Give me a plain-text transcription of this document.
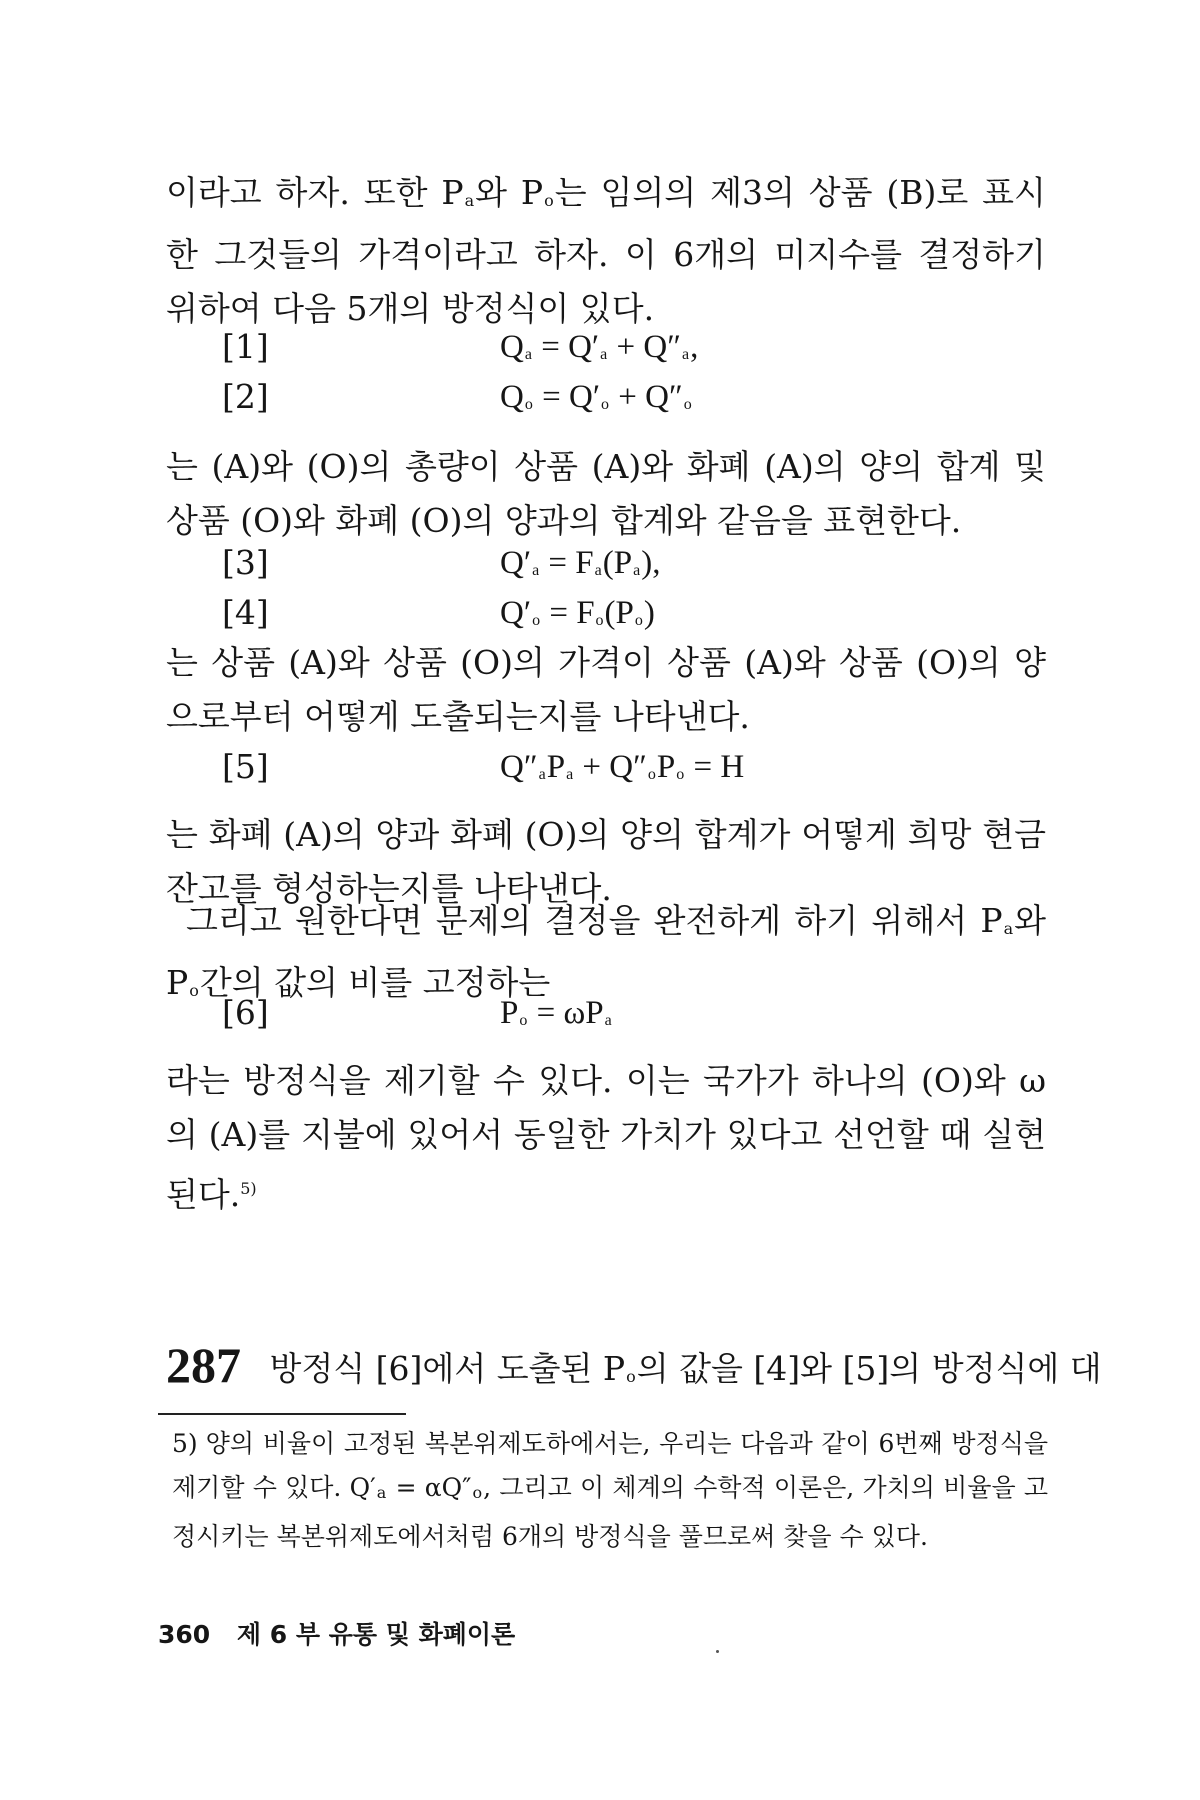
이라고 하자. 또한 $P_a$와 $P_o$는 임의의 제3의 상품 (B)로 표시한 그것들의 가격이라고 하자. 이 6개의 미지수를 결정하기 위하여 다음 5개의 방정식이 있다.

[1]	$Q_a = Q'_a + Q''_a$,
[2]	$Q_o = Q'_o + Q''_o$

는 (A)와 (O)의 총량이 상품 (A)와 화폐 (A)의 양의 합계 및 상품 (O)와 화폐 (O)의 양과의 합계와 같음을 표현한다.

[3]	$Q'_a = F_a(P_a)$,
[4]	$Q'_o = F_o(P_o)$

는 상품 (A)와 상품 (O)의 가격이 상품 (A)와 상품 (O)의 양으로부터 어떻게 도출되는지를 나타낸다.

[5]	$Q''_aP_a + Q''_oP_o = H$

는 화폐 (A)의 양과 화폐 (O)의 양의 합계가 어떻게 희망 현금잔고를 형성하는지를 나타낸다.

그리고 원한다면 문제의 결정을 완전하게 하기 위해서 $P_a$와 $P_o$간의 값의 비를 고정하는

[6]	$P_o = \omega P_a$

라는 방정식을 제기할 수 있다. 이는 국가가 하나의 (O)와 ω의 (A)를 지불에 있어서 동일한 가치가 있다고 선언할 때 실현된다.$^{5)}$

287 방정식 [6]에서 도출된 $P_o$의 값을 [4]와 [5]의 방정식에 대

5) 양의 비율이 고정된 복본위제도하에서는, 우리는 다음과 같이 6번째 방정식을 제기할 수 있다. $Q'_a = \alpha Q''_o$, 그리고 이 체계의 수학적 이론은, 가치의 비율을 고정시키는 복본위제도에서처럼 6개의 방정식을 풀므로써 찾을 수 있다.

360 제 6 부 유통 및 화폐이론
